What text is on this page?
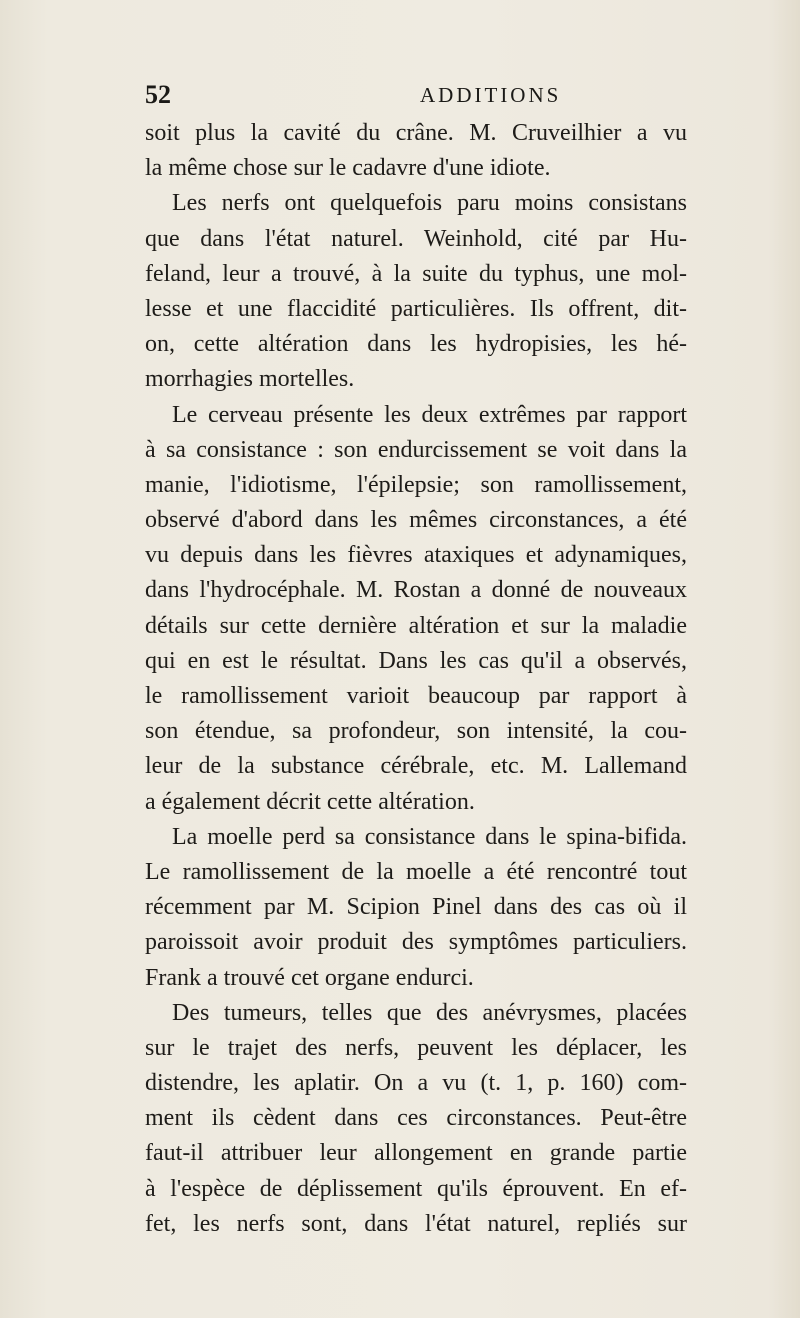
52	ADDITIONS
soit plus la cavité du crâne. M. Cruveilhier a vu
la même chose sur le cadavre d'une idiote.
Les nerfs ont quelquefois paru moins consistans
que dans l'état naturel. Weinhold, cité par Hu-
feland, leur a trouvé, à la suite du typhus, une mol-
lesse et une flaccidité particulières. Ils offrent, dit-
on, cette altération dans les hydropisies, les hé-
morrhagies mortelles.
Le cerveau présente les deux extrêmes par rapport
à sa consistance : son endurcissement se voit dans la
manie, l'idiotisme, l'épilepsie; son ramollissement,
observé d'abord dans les mêmes circonstances, a été
vu depuis dans les fièvres ataxiques et adynamiques,
dans l'hydrocéphale. M. Rostan a donné de nouveaux
détails sur cette dernière altération et sur la maladie
qui en est le résultat. Dans les cas qu'il a observés,
le ramollissement varioit beaucoup par rapport à
son étendue, sa profondeur, son intensité, la cou-
leur de la substance cérébrale, etc. M. Lallemand
a également décrit cette altération.
La moelle perd sa consistance dans le spina-bifida.
Le ramollissement de la moelle a été rencontré tout
récemment par M. Scipion Pinel dans des cas où il
paroissoit avoir produit des symptômes particuliers.
Frank a trouvé cet organe endurci.
Des tumeurs, telles que des anévrysmes, placées
sur le trajet des nerfs, peuvent les déplacer, les
distendre, les aplatir. On a vu (t. 1, p. 160) com-
ment ils cèdent dans ces circonstances. Peut-être
faut-il attribuer leur allongement en grande partie
à l'espèce de déplissement qu'ils éprouvent. En ef-
fet, les nerfs sont, dans l'état naturel, repliés sur
